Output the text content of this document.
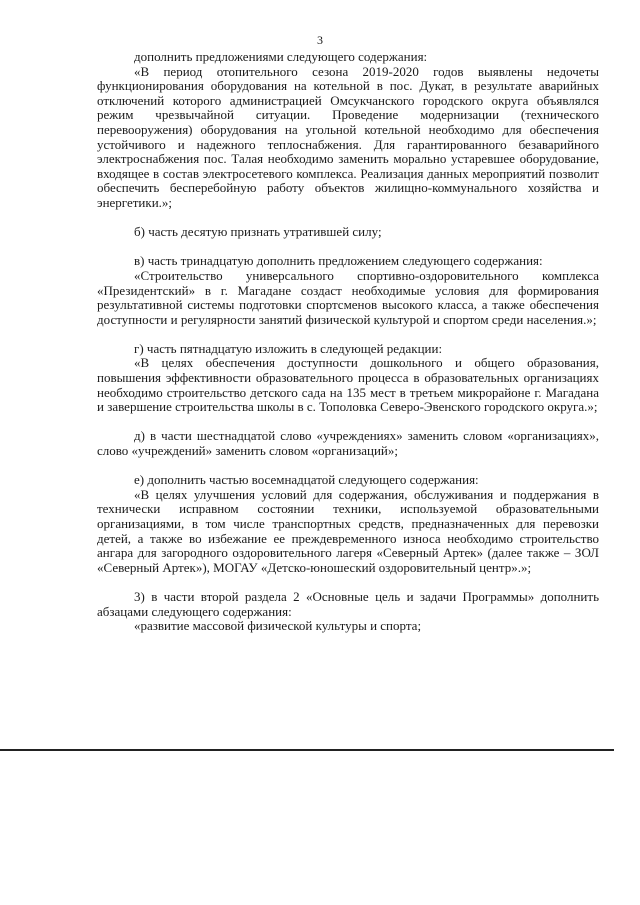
3

дополнить предложениями следующего содержания:

«В период отопительного сезона 2019-2020 годов выявлены недочеты функционирования оборудования на котельной в пос. Дукат, в результате аварийных отключений которого администрацией Омсукчанского городского округа объявлялся режим чрезвычайной ситуации. Проведение модернизации (технического перевооружения) оборудования на угольной котельной необходимо для обеспечения устойчивого и надежного теплоснабжения. Для гарантированного безаварийного электроснабжения пос. Талая необходимо заменить морально устаревшее оборудование, входящее в состав электросетевого комплекса. Реализация данных мероприятий позволит обеспечить бесперебойную работу объектов жилищно-коммунального хозяйства и энергетики.»;

б) часть десятую признать утратившей силу;

в) часть тринадцатую дополнить предложением следующего содержания:

«Строительство универсального спортивно-оздоровительного комплекса «Президентский» в г. Магадане создаст необходимые условия для формирования результативной системы подготовки спортсменов высокого класса, а также обеспечения доступности и регулярности занятий физической культурой и спортом среди населения.»;

г) часть пятнадцатую изложить в следующей редакции:

«В целях обеспечения доступности дошкольного и общего образования, повышения эффективности образовательного процесса в образовательных организациях необходимо строительство детского сада на 135 мест в третьем микрорайоне г. Магадана и завершение строительства школы в с. Тополовка Северо-Эвенского городского округа.»;

д) в части шестнадцатой слово «учреждениях» заменить словом «организациях», слово «учреждений» заменить словом «организаций»;

е) дополнить частью восемнадцатой следующего содержания:

«В целях улучшения условий для содержания, обслуживания и поддержания в технически исправном состоянии техники, используемой образовательными организациями, в том числе транспортных средств, предназначенных для перевозки детей, а также во избежание ее преждевременного износа необходимо строительство ангара для загородного оздоровительного лагеря «Северный Артек» (далее также – ЗОЛ «Северный Артек»), МОГАУ «Детско-юношеский оздоровительный центр».»;

3) в части второй раздела 2 «Основные цель и задачи Программы» дополнить абзацами следующего содержания:

«развитие массовой физической культуры и спорта;
